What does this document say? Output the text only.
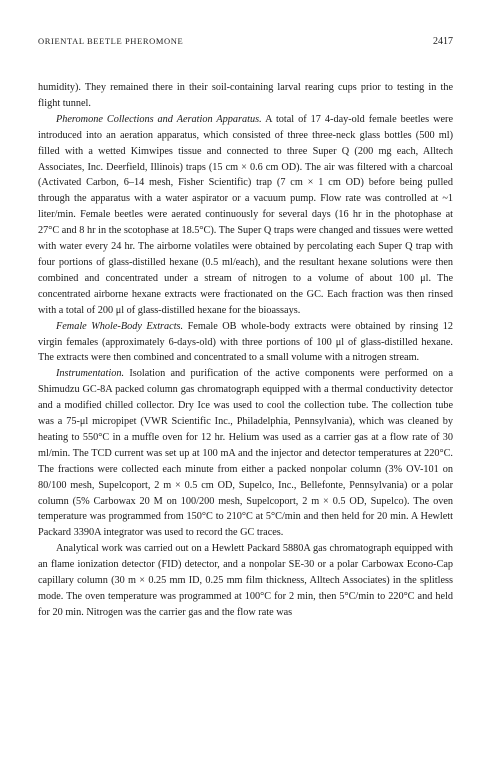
ORIENTAL BEETLE PHEROMONE	2417

humidity). They remained there in their soil-containing larval rearing cups prior to testing in the flight tunnel.

Pheromone Collections and Aeration Apparatus. A total of 17 4-day-old female beetles were introduced into an aeration apparatus, which consisted of three three-neck glass bottles (500 ml) filled with a wetted Kimwipes tissue and connected to three Super Q (200 mg each, Alltech Associates, Inc. Deerfield, Illinois) traps (15 cm × 0.6 cm OD). The air was filtered with a charcoal (Activated Carbon, 6–14 mesh, Fisher Scientific) trap (7 cm × 1 cm OD) before being pulled through the apparatus with a water aspirator or a vacuum pump. Flow rate was controlled at ~1 liter/min. Female beetles were aerated continuously for several days (16 hr in the photophase at 27°C and 8 hr in the scotophase at 18.5°C). The Super Q traps were changed and tissues were wetted with water every 24 hr. The airborne volatiles were obtained by percolating each Super Q trap with four portions of glass-distilled hexane (0.5 ml/each), and the resultant hexane solutions were then combined and concentrated under a stream of nitrogen to a volume of about 100 μl. The concentrated airborne hexane extracts were fractionated on the GC. Each fraction was then rinsed with a total of 200 μl of glass-distilled hexane for the bioassays.

Female Whole-Body Extracts. Female OB whole-body extracts were obtained by rinsing 12 virgin females (approximately 6-days-old) with three portions of 100 μl of glass-distilled hexane. The extracts were then combined and concentrated to a small volume with a nitrogen stream.

Instrumentation. Isolation and purification of the active components were performed on a Shimudzu GC-8A packed column gas chromatograph equipped with a thermal conductivity detector and a modified chilled collector. Dry Ice was used to cool the collection tube. The collection tube was a 75-μl micropipet (VWR Scientific Inc., Philadelphia, Pennsylvania), which was cleaned by heating to 550°C in a muffle oven for 12 hr. Helium was used as a carrier gas at a flow rate of 30 ml/min. The TCD current was set up at 100 mA and the injector and detector temperatures at 220°C. The fractions were collected each minute from either a packed nonpolar column (3% OV-101 on 80/100 mesh, Supelcoport, 2 m × 0.5 cm OD, Supelco, Inc., Bellefonte, Pennsylvania) or a polar column (5% Carbowax 20 M on 100/200 mesh, Supelcoport, 2 m × 0.5 OD, Supelco). The oven temperature was programmed from 150°C to 210°C at 5°C/min and then held for 20 min. A Hewlett Packard 3390A integrator was used to record the GC traces.

Analytical work was carried out on a Hewlett Packard 5880A gas chromatograph equipped with an flame ionization detector (FID) detector, and a nonpolar SE-30 or a polar Carbowax Econo-Cap capillary column (30 m × 0.25 mm ID, 0.25 mm film thickness, Alltech Associates) in the splitless mode. The oven temperature was programmed at 100°C for 2 min, then 5°C/min to 220°C and held for 20 min. Nitrogen was the carrier gas and the flow rate was
